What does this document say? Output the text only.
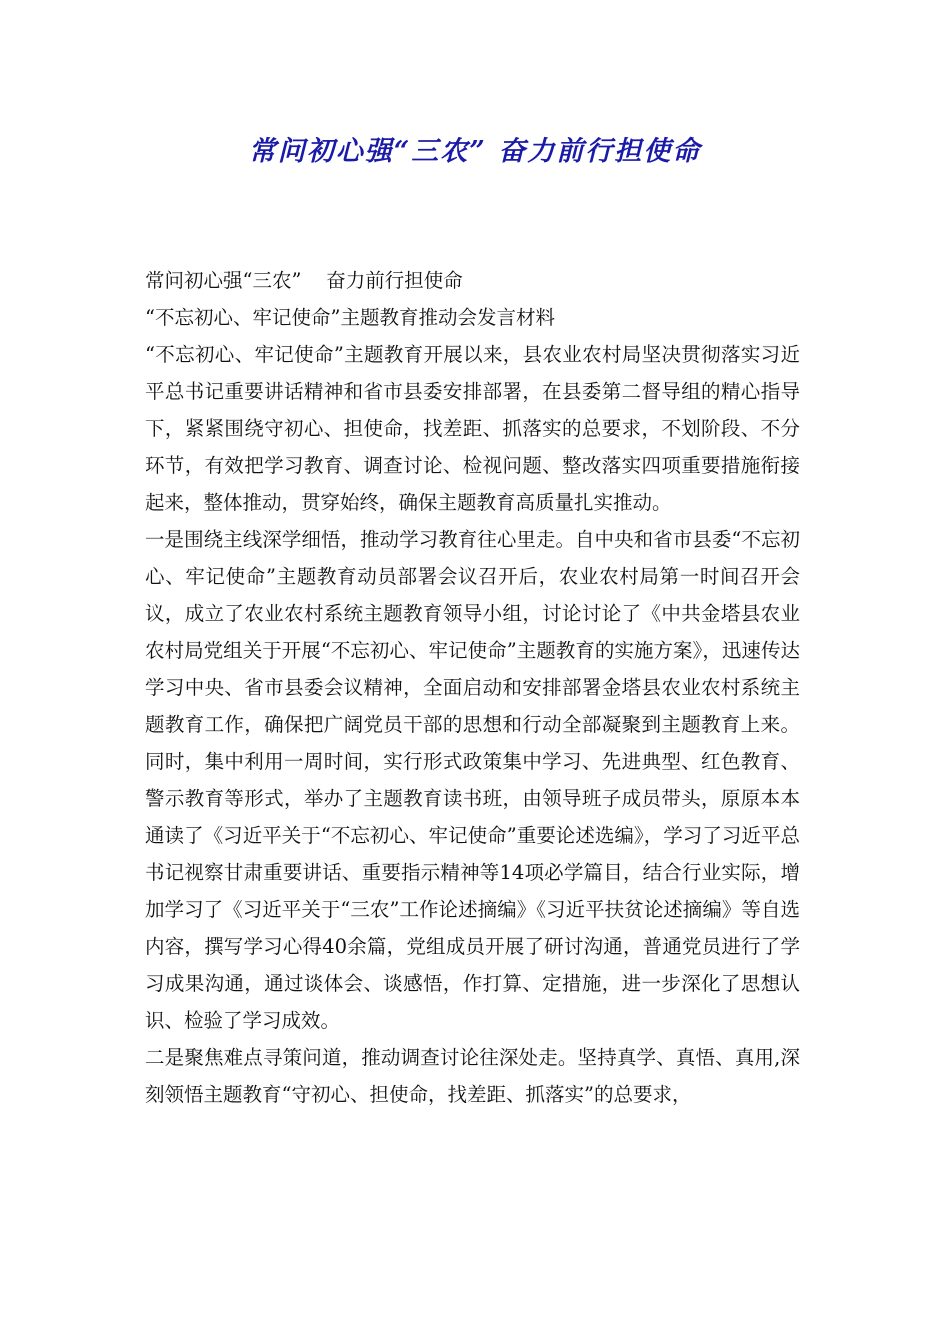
常问初心强“三农” 奋力前行担使命

常问初心强“三农”    奋力前行担使命

“不忘初心、牢记使命”主题教育推动会发言材料

“不忘初心、牢记使命”主题教育开展以来，县农业农村局坚决贯彻落实习近平总书记重要讲话精神和省市县委安排部署，在县委第二督导组的精心指导下，紧紧围绕守初心、担使命，找差距、抓落实的总要求，不划阶段、不分环节，有效把学习教育、调查讨论、检视问题、整改落实四项重要措施衔接起来，整体推动，贯穿始终，确保主题教育高质量扎实推动。

一是围绕主线深学细悟，推动学习教育往心里走。自中央和省市县委“不忘初心、牢记使命”主题教育动员部署会议召开后，农业农村局第一时间召开会议，成立了农业农村系统主题教育领导小组，讨论讨论了《中共金塔县农业农村局党组关于开展“不忘初心、牢记使命”主题教育的实施方案》，迅速传达学习中央、省市县委会议精神，全面启动和安排部署金塔县农业农村系统主题教育工作，确保把广阔党员干部的思想和行动全部凝聚到主题教育上来。同时，集中利用一周时间，实行形式政策集中学习、先进典型、红色教育、警示教育等形式，举办了主题教育读书班，由领导班子成员带头，原原本本通读了《习近平关于“不忘初心、牢记使命”重要论述选编》，学习了习近平总书记视察甘肃重要讲话、重要指示精神等14项必学篇目，结合行业实际，增加学习了《习近平关于“三农”工作论述摘编》《习近平扶贫论述摘编》等自选内容，撰写学习心得40余篇，党组成员开展了研讨沟通，普通党员进行了学习成果沟通，通过谈体会、谈感悟，作打算、定措施，进一步深化了思想认识、检验了学习成效。

二是聚焦难点寻策问道，推动调查讨论往深处走。坚持真学、真悟、真用,深刻领悟主题教育“守初心、担使命，找差距、抓落实”的总要求，
